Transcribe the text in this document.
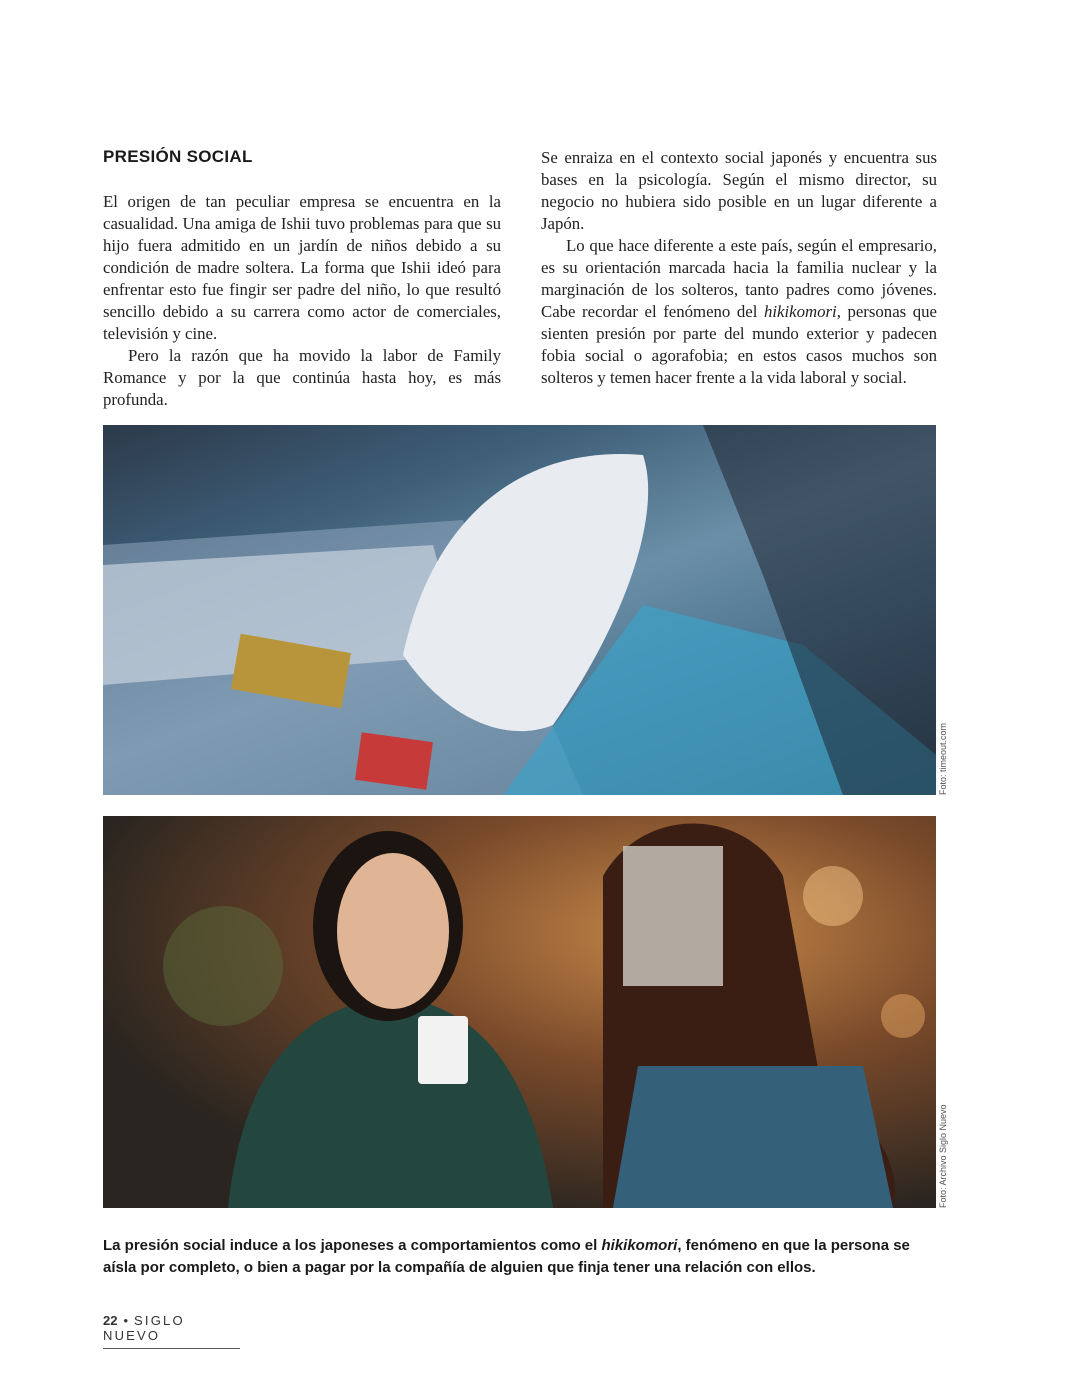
PRESIÓN SOCIAL

El origen de tan peculiar empresa se encuentra en la casualidad. Una amiga de Ishii tuvo problemas para que su hijo fuera admitido en un jardín de niños debido a su condición de madre soltera. La forma que Ishii ideó para enfrentar esto fue fingir ser padre del niño, lo que resultó sencillo debido a su carrera como actor de comerciales, televisión y cine.

Pero la razón que ha movido la labor de Family Romance y por la que continúa hasta hoy, es más profunda.

Se enraiza en el contexto social japonés y encuentra sus bases en la psicología. Según el mismo director, su negocio no hubiera sido posible en un lugar diferente a Japón.

Lo que hace diferente a este país, según el empresario, es su orientación marcada hacia la familia nuclear y la marginación de los solteros, tanto padres como jóvenes. Cabe recordar el fenómeno del hikikomori, personas que sienten presión por parte del mundo exterior y padecen fobia social o agorafobia; en estos casos muchos son solteros y temen hacer frente a la vida laboral y social.

Foto: timeout.com
Foto: Archivo Siglo Nuevo

La presión social induce a los japoneses a comportamientos como el hikikomori, fenómeno en que la persona se aísla por completo, o bien a pagar por la compañía de alguien que finja tener una relación con ellos.

22 • SIGLO NUEVO
